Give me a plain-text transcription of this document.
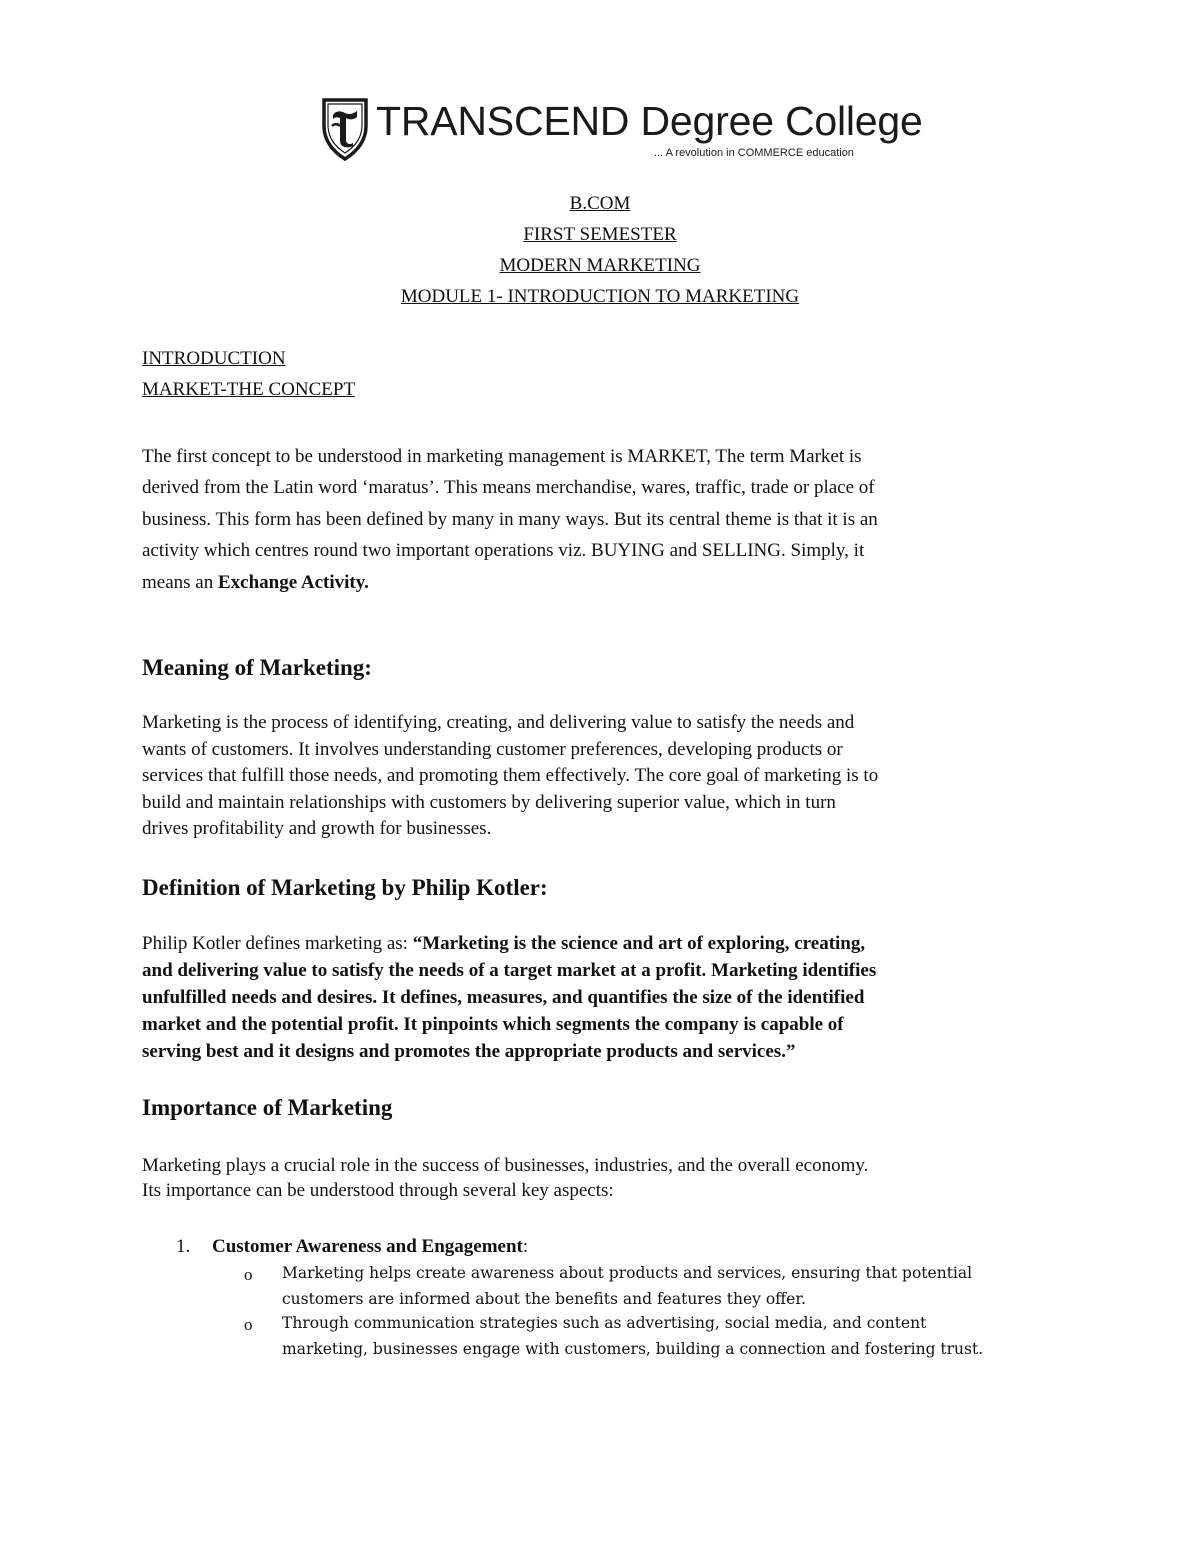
TRANSCEND Degree College
... A revolution in COMMERCE education
B.COM
FIRST SEMESTER
MODERN MARKETING
MODULE 1- INTRODUCTION TO MARKETING
INTRODUCTION
MARKET-THE CONCEPT

The first concept to be understood in marketing management is MARKET, The term Market is

derived from the Latin word ‘maratus’. This means merchandise, wares, traffic, trade or place of

business. This form has been defined by many in many ways. But its central theme is that it is an

activity which centres round two important operations viz. BUYING and SELLING. Simply, it

means an Exchange Activity.

Meaning of Marketing:

Marketing is the process of identifying, creating, and delivering value to satisfy the needs and

wants of customers. It involves understanding customer preferences, developing products or

services that fulfill those needs, and promoting them effectively. The core goal of marketing is to

build and maintain relationships with customers by delivering superior value, which in turn

drives profitability and growth for businesses.

Definition of Marketing by Philip Kotler:

Philip Kotler defines marketing as: “Marketing is the science and art of exploring, creating,

and delivering value to satisfy the needs of a target market at a profit. Marketing identifies

unfulfilled needs and desires. It defines, measures, and quantifies the size of the identified

market and the potential profit. It pinpoints which segments the company is capable of

serving best and it designs and promotes the appropriate products and services.”

Importance of Marketing

Marketing plays a crucial role in the success of businesses, industries, and the overall economy.

Its importance can be understood through several key aspects:

1. Customer Awareness and Engagement:
o Marketing helps create awareness about products and services, ensuring that potential

customers are informed about the benefits and features they offer.

o Through communication strategies such as advertising, social media, and content

marketing, businesses engage with customers, building a connection and fostering trust.
